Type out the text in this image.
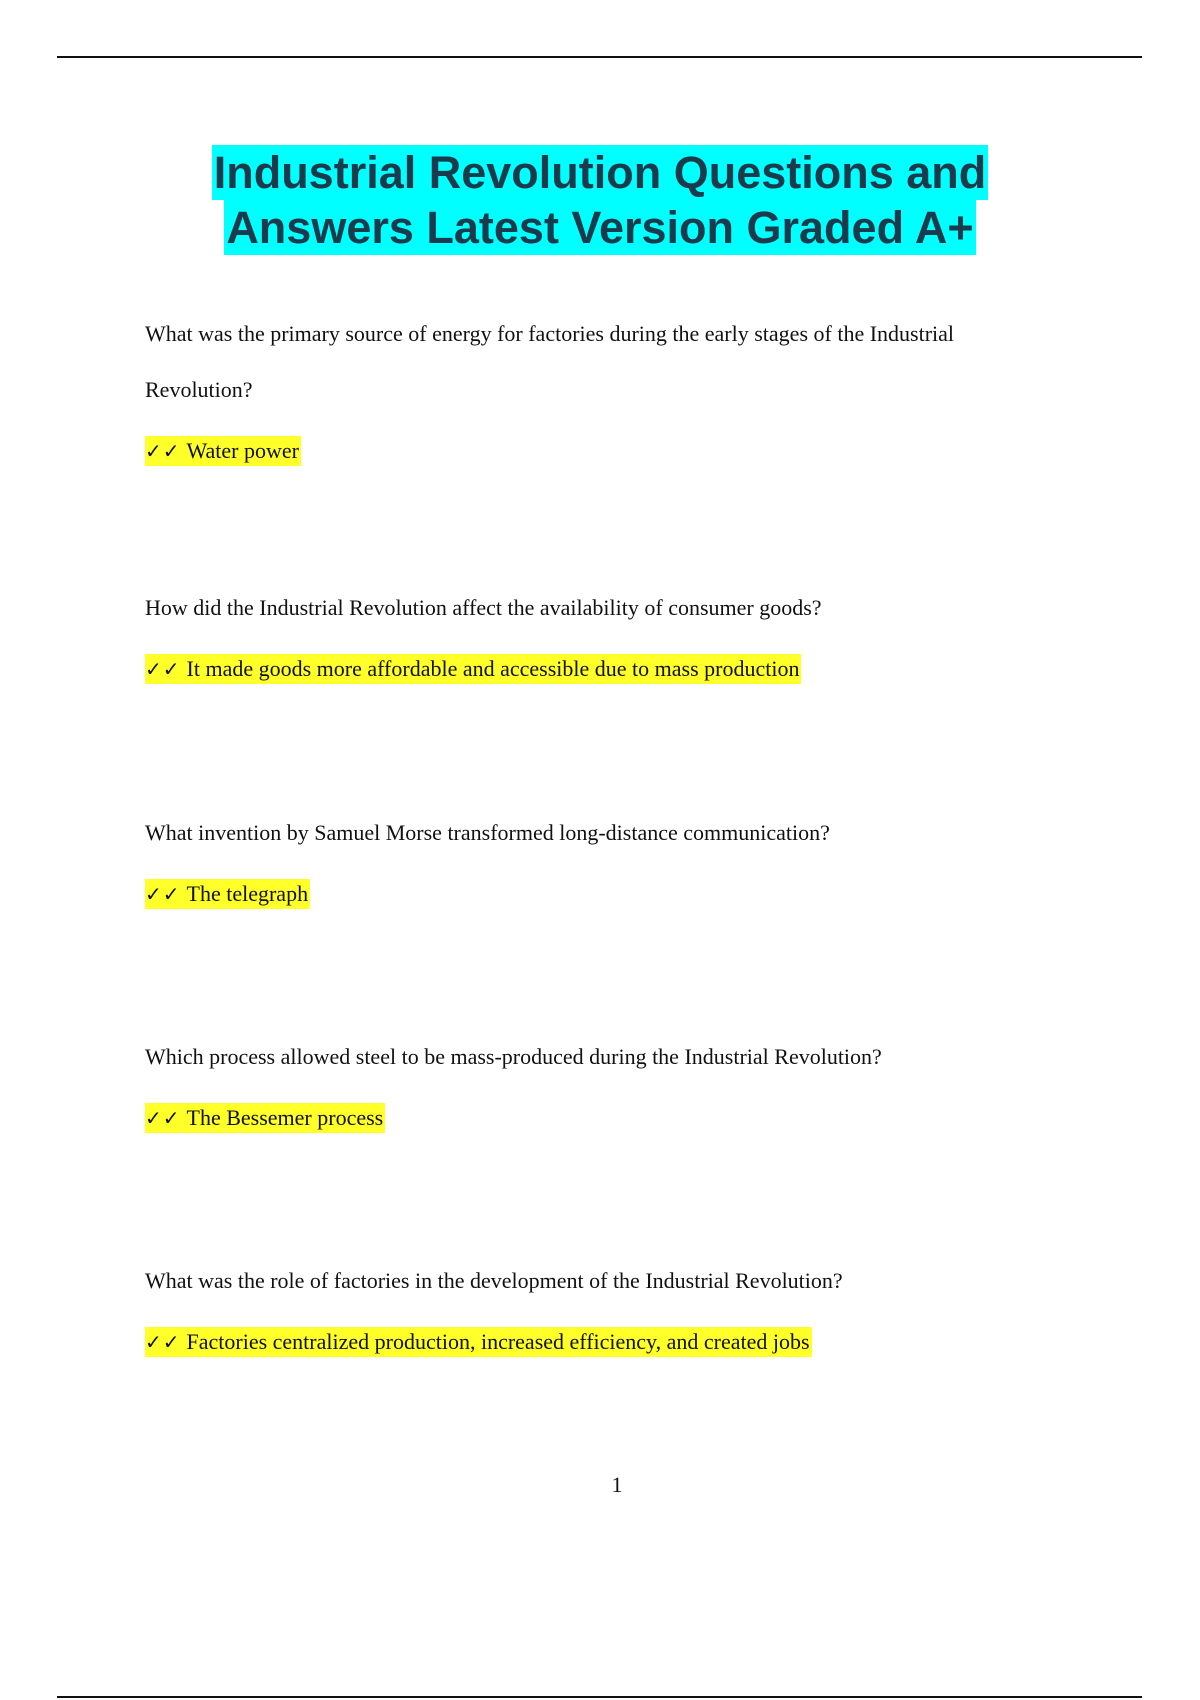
Industrial Revolution Questions and
Answers Latest Version Graded A+

What was the primary source of energy for factories during the early stages of the Industrial Revolution?

✓✓ Water power

How did the Industrial Revolution affect the availability of consumer goods?

✓✓ It made goods more affordable and accessible due to mass production

What invention by Samuel Morse transformed long-distance communication?

✓✓ The telegraph

Which process allowed steel to be mass-produced during the Industrial Revolution?

✓✓ The Bessemer process

What was the role of factories in the development of the Industrial Revolution?

✓✓ Factories centralized production, increased efficiency, and created jobs
1
